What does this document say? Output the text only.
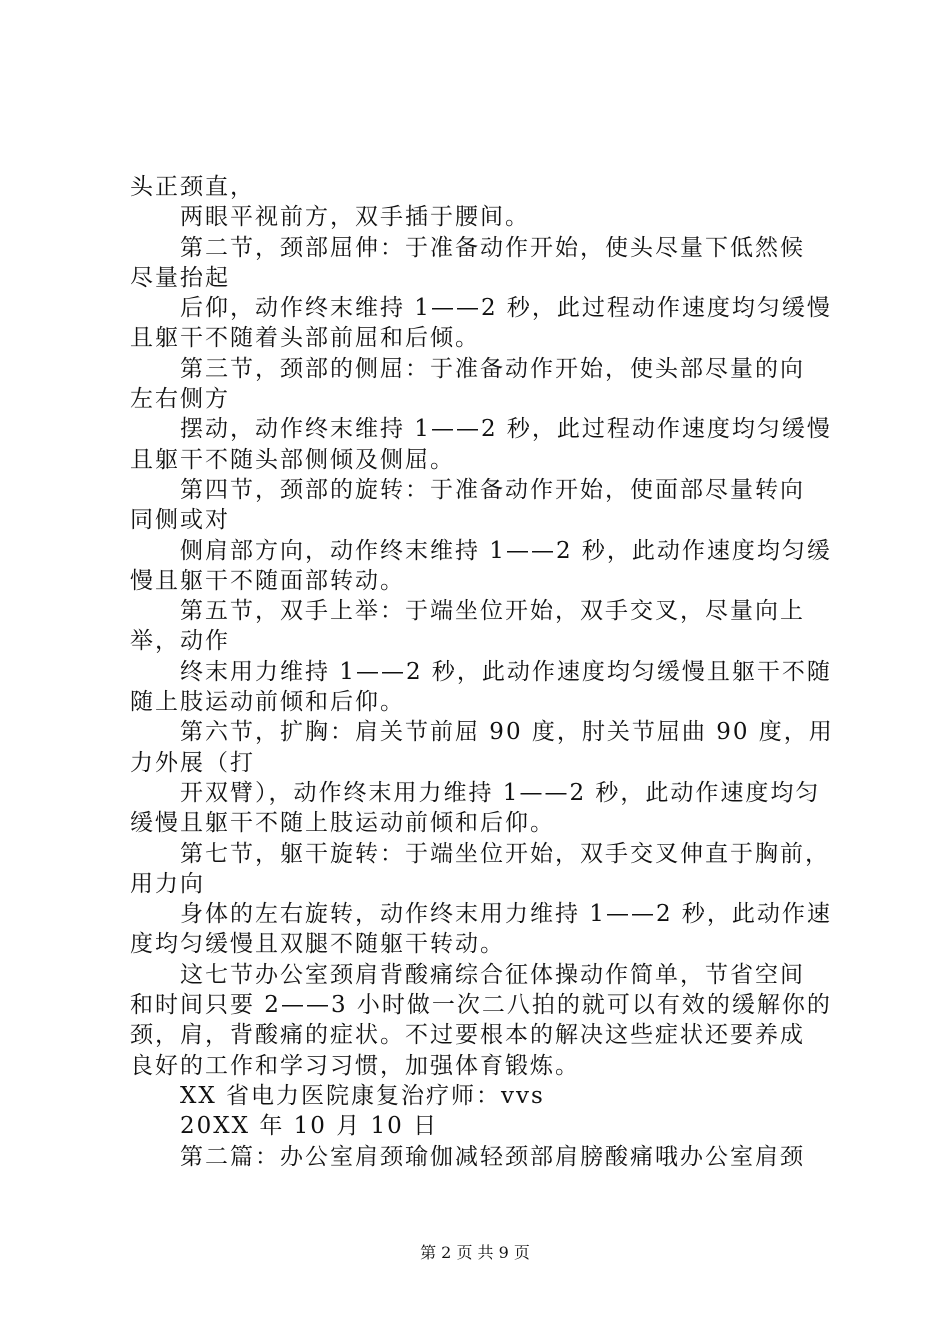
头正颈直，
两眼平视前方，双手插于腰间。
第二节，颈部屈伸：于准备动作开始，使头尽量下低然候
尽量抬起
后仰，动作终末维持 1——2 秒，此过程动作速度均匀缓慢
且躯干不随着头部前屈和后倾。
第三节，颈部的侧屈：于准备动作开始，使头部尽量的向
左右侧方
摆动，动作终末维持 1——2 秒，此过程动作速度均匀缓慢
且躯干不随头部侧倾及侧屈。
第四节，颈部的旋转：于准备动作开始，使面部尽量转向
同侧或对
侧肩部方向，动作终末维持 1——2 秒，此动作速度均匀缓
慢且躯干不随面部转动。
第五节，双手上举：于端坐位开始，双手交叉，尽量向上
举，动作
终末用力维持 1——2 秒，此动作速度均匀缓慢且躯干不随
随上肢运动前倾和后仰。
第六节，扩胸：肩关节前屈 90 度，肘关节屈曲 90 度，用
力外展（打
开双臂），动作终末用力维持 1——2 秒，此动作速度均匀
缓慢且躯干不随上肢运动前倾和后仰。
第七节，躯干旋转：于端坐位开始，双手交叉伸直于胸前，
用力向
身体的左右旋转，动作终末用力维持 1——2 秒，此动作速
度均匀缓慢且双腿不随躯干转动。
这七节办公室颈肩背酸痛综合征体操动作简单，节省空间
和时间只要 2——3 小时做一次二八拍的就可以有效的缓解你的
颈，肩，背酸痛的症状。不过要根本的解决这些症状还要养成
良好的工作和学习习惯，加强体育锻炼。
XX 省电力医院康复治疗师：vvs
20XX 年 10 月 10 日
第二篇：办公室肩颈瑜伽减轻颈部肩膀酸痛哦办公室肩颈
第 2 页 共 9 页
